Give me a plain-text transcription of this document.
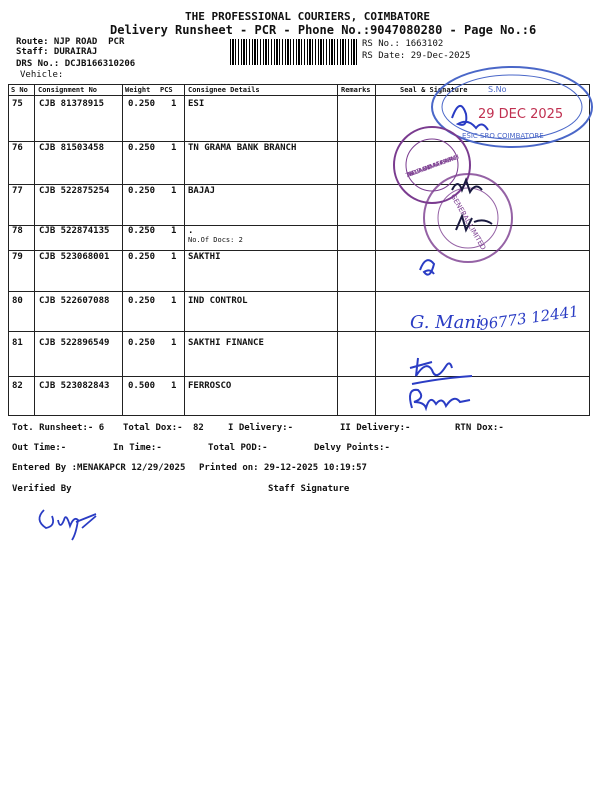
THE PROFESSIONAL COURIERS, COIMBATORE
Delivery Runsheet - PCR - Phone No.:9047080280 - Page No.:6
Route: NJP ROAD  PCR
Staff: DURAIRAJ
DRS No.: DCJB166310206
Vehicle:
RS No.: 1663102
RS Date: 29-Dec-2025
S No Consignment No	Weight PCS Consignee Details	Remarks	Seal & Signature
75 CJB 81378915	0.250 1 ESI
76 CJB 81503458	0.250 1 TN GRAMA BANK BRANCH
77 CJB 522875254 0.250 1 BAJAJ
78 CJB 522874135 0.250 1 .
No.Of Docs: 2
79 CJB 523068001 0.250 1 SAKTHI
80 CJB 522607088 0.250 1 IND CONTROL
81 CJB 522896549 0.250 1 SAKTHI FINANCE
82 CJB 523082843 0.500 1 FERROSCO
S.No
29 DEC 2025
ESIC SRO COIMBATORE
TAMIL NADU GRAMA BANK RAMANATHAPURAM BRANCH
GENERAL LIMITED
G. Mani
96773 12441
Tot. Runsheet:- 6 Total Dox:- 82	I Delivery:-	II Delivery:-	RTN Dox:-
Out Time:-	In Time:-	Total POD:-	Delvy Points:-
Entered By :MENAKAPCR 12/29/2025 Printed on: 29-12-2025 10:19:57
Verified By	Staff Signature
